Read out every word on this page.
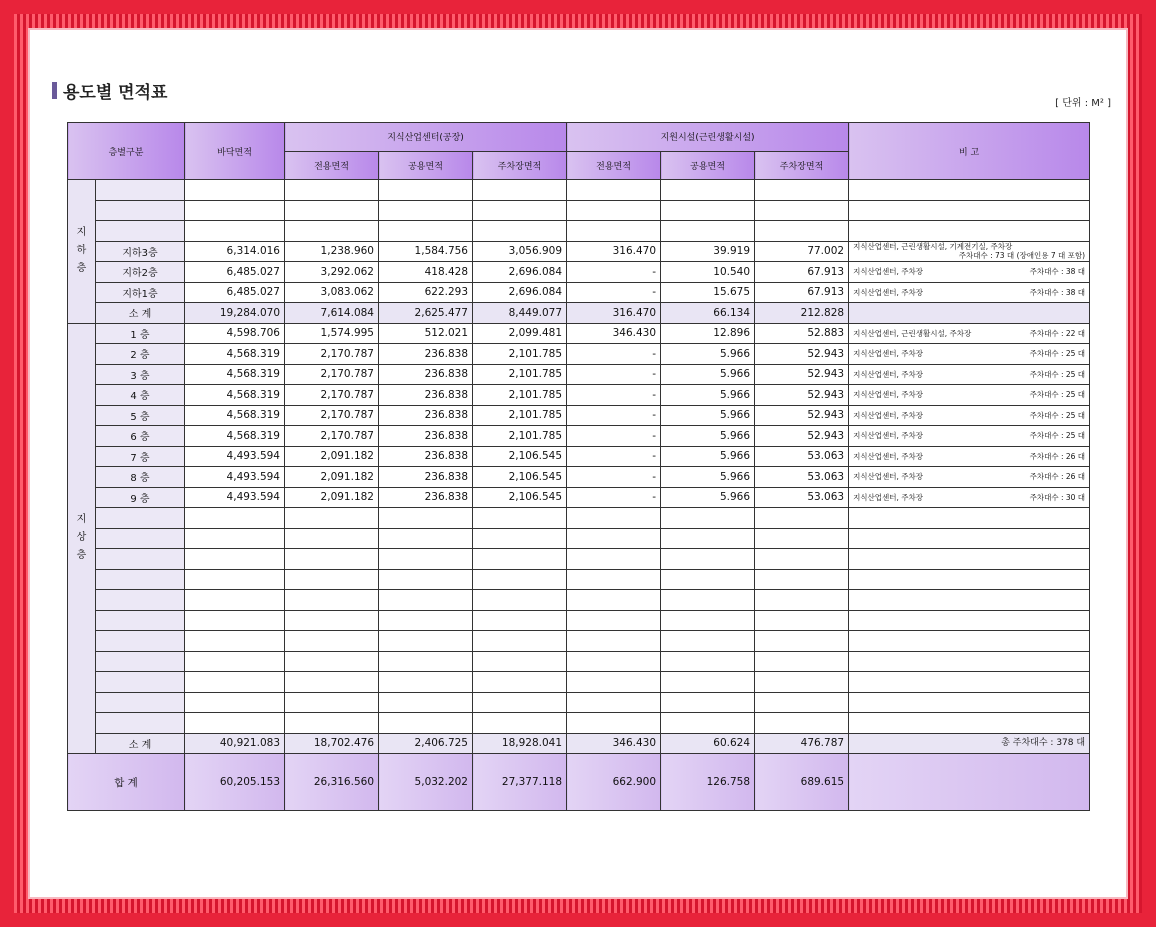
용도별 면적표
[ 단위 : M² ]
층별구분		바닥면적	지식산업센터(공장)			지원시설(근린생활시설)			비 고
			전용면적	공용면적	주차장면적	전용면적	공용면적	주차장면적	
지하층									

	지하3층	6,314.016	1,238.960	1,584.756	3,056.909	316.470	39.919	77.002	지식산업센터, 근린생활시설, 기계전기실, 주차장
주차대수 : 73 대 (장애인용 7 대 포함)

	지하2층	6,485.027	3,292.062	418.428	2,696.084	-	10.540	67.913	지식산업센터, 주차장 주차대수 : 38 대

	지하1층	6,485.027	3,083.062	622.293	2,696.084	-	15.675	67.913	지식산업센터, 주차장 주차대수 : 38 대

	소 계	19,284.070	7,614.084	2,625.477	8,449.077	316.470	66.134	212.828	
지상층	1 층	4,598.706	1,574.995	512.021	2,099.481	346.430	12.896	52.883	지식산업센터, 근린생활시설, 주차장 주차대수 : 22 대

	2 층	4,568.319	2,170.787	236.838	2,101.785	-	5.966	52.943	지식산업센터, 주차장 주차대수 : 25 대

	3 층	4,568.319	2,170.787	236.838	2,101.785	-	5.966	52.943	지식산업센터, 주차장 주차대수 : 25 대

	4 층	4,568.319	2,170.787	236.838	2,101.785	-	5.966	52.943	지식산업센터, 주차장 주차대수 : 25 대

	5 층	4,568.319	2,170.787	236.838	2,101.785	-	5.966	52.943	지식산업센터, 주차장 주차대수 : 25 대

	6 층	4,568.319	2,170.787	236.838	2,101.785	-	5.966	52.943	지식산업센터, 주차장 주차대수 : 25 대

	7 층	4,493.594	2,091.182	236.838	2,106.545	-	5.966	53.063	지식산업센터, 주차장 주차대수 : 26 대

	8 층	4,493.594	2,091.182	236.838	2,106.545	-	5.966	53.063	지식산업센터, 주차장 주차대수 : 26 대

	9 층	4,493.594	2,091.182	236.838	2,106.545	-	5.966	53.063	지식산업센터, 주차장 주차대수 : 30 대

	소 계	40,921.083	18,702.476	2,406.725	18,928.041	346.430	60.624	476.787	총 주차대수 : 378 대
합 계		60,205.153	26,316.560	5,032.202	27,377.118	662.900	126.758	689.615	
